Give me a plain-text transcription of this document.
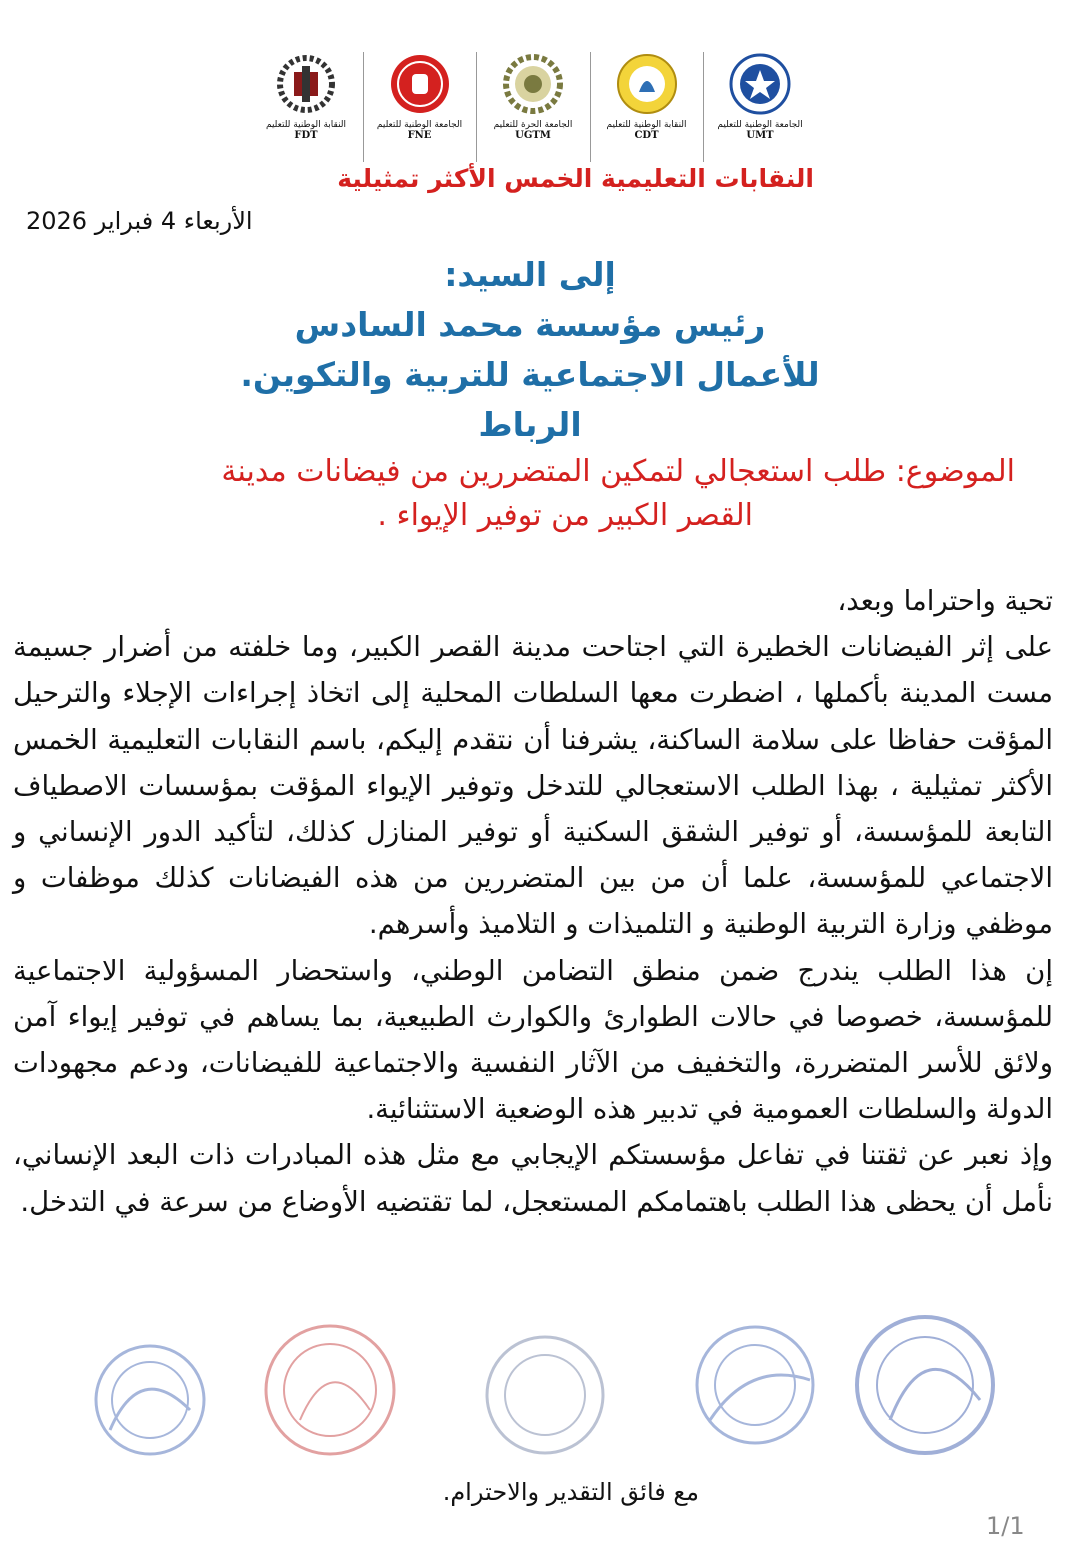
الجامعة الوطنية للتعليم
UMT
النقابة الوطنية للتعليم
CDT
الجامعة الحرة للتعليم
UGTM
الجامعة الوطنية للتعليم
FNE
النقابة الوطنية للتعليم
FDT
النقابات التعليمية الخمس الأكثر تمثيلية
الأربعاء 4 فبراير 2026
إلى السيد:
رئيس مؤسسة محمد السادس
للأعمال الاجتماعية للتربية والتكوين.
الرباط
الموضوع: طلب استعجالي لتمكين المتضررين من فيضانات مدينة
القصر الكبير من توفير الإيواء .

تحية واحتراما وبعد،

على إثر الفيضانات الخطيرة التي اجتاحت مدينة القصر الكبير، وما خلفته من أضرار جسيمة مست المدينة بأكملها ، اضطرت معها السلطات المحلية إلى اتخاذ إجراءات الإجلاء والترحيل المؤقت حفاظا على سلامة الساكنة، يشرفنا أن نتقدم إليكم، باسم النقابات التعليمية الخمس الأكثر تمثيلية ، بهذا الطلب الاستعجالي للتدخل وتوفير الإيواء المؤقت بمؤسسات الاصطياف التابعة للمؤسسة، أو توفير الشقق السكنية أو توفير المنازل كذلك، لتأكيد الدور الإنساني و الاجتماعي للمؤسسة، علما أن من بين المتضررين من هذه الفيضانات كذلك موظفات و موظفي وزارة التربية الوطنية و التلميذات و التلاميذ وأسرهم.

إن هذا الطلب يندرج ضمن منطق التضامن الوطني، واستحضار المسؤولية الاجتماعية للمؤسسة، خصوصا في حالات الطوارئ والكوارث الطبيعية، بما يساهم في توفير إيواء آمن ولائق للأسر المتضررة، والتخفيف من الآثار النفسية والاجتماعية للفيضانات، ودعم مجهودات الدولة والسلطات العمومية في تدبير هذه الوضعية الاستثنائية.

وإذ نعبر عن ثقتنا في تفاعل مؤسستكم الإيجابي مع مثل هذه المبادرات ذات البعد الإنساني، نأمل أن يحظى هذا الطلب باهتمامكم المستعجل، لما تقتضيه الأوضاع من سرعة في التدخل.

مع فائق التقدير والاحترام.
1/1
